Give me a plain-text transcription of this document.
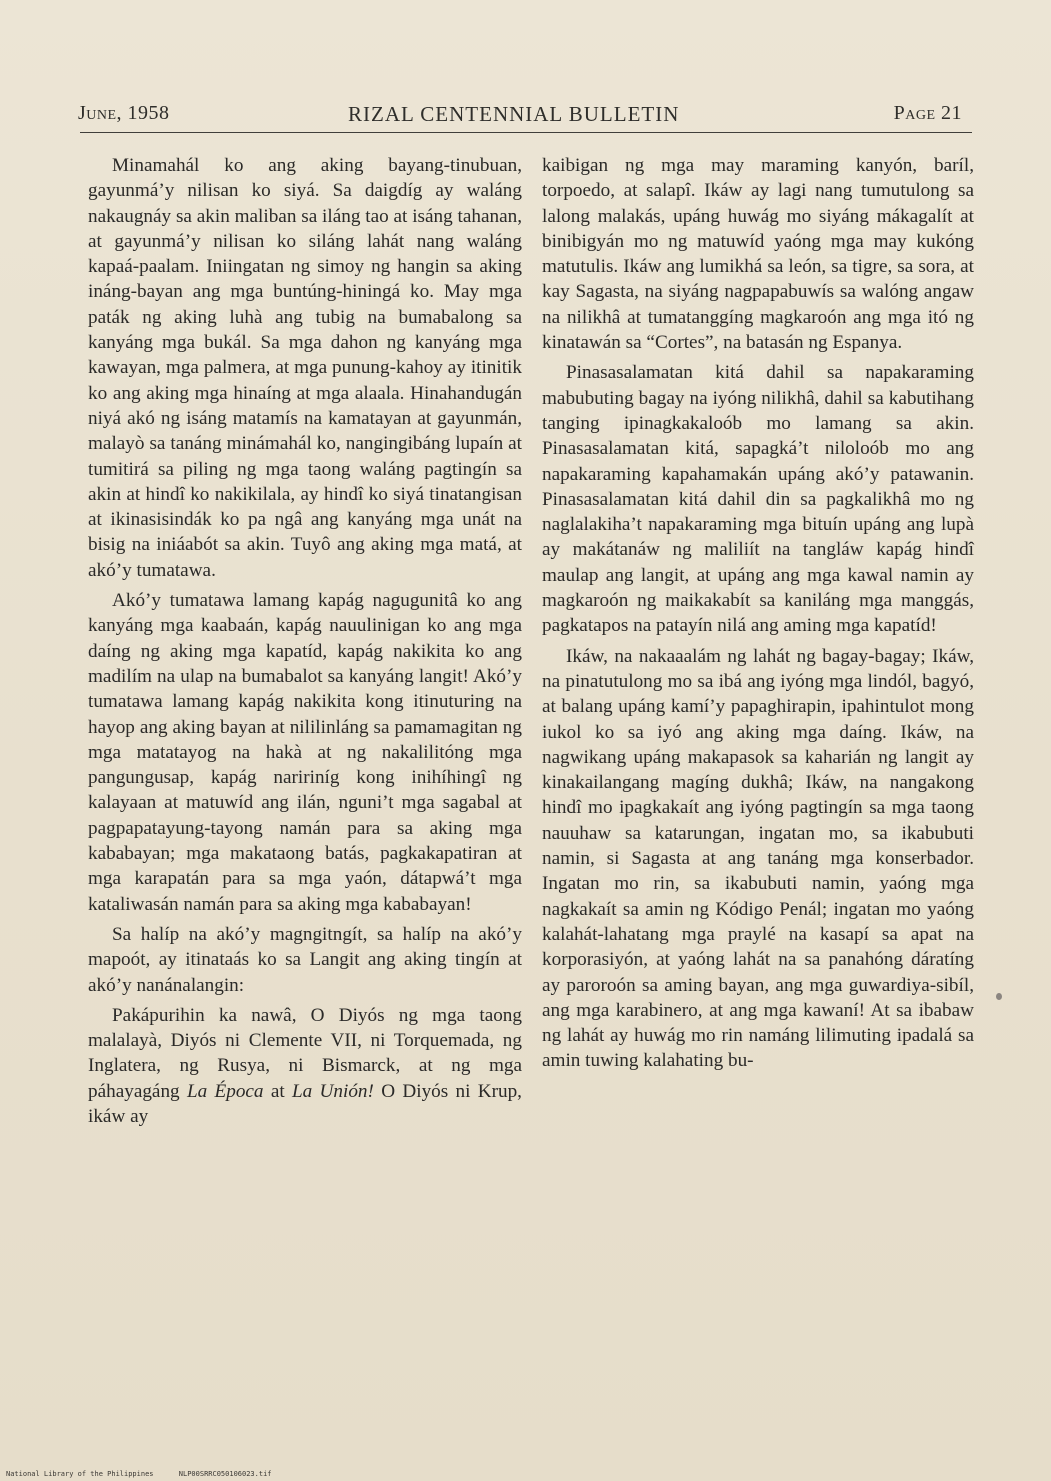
June, 1958	RIZAL CENTENNIAL BULLETIN	Page 21

Minamahál ko ang aking bayang-tinubuan, gayunmá’y nilisan ko siyá. Sa daigdíg ay waláng nakaugnáy sa akin maliban sa iláng tao at isáng tahanan, at gayunmá’y nilisan ko siláng lahát nang waláng kapaá-paalam. Iniingatan ng simoy ng hangin sa aking ináng-bayan ang mga buntúng-hiningá ko. May mga paták ng aking luhà ang tubig na bumabalong sa kanyáng mga bukál. Sa mga dahon ng kanyáng mga kawayan, mga palmera, at mga punung-kahoy ay itinitik ko ang aking mga hinaíng at mga alaala. Hinahandugán niyá akó ng isáng matamís na kamatayan at gayunmán, malayò sa tanáng minámahál ko, nangingibáng lupaín at tumitirá sa piling ng mga taong waláng pagtingín sa akin at hindî ko nakikilala, ay hindî ko siyá tinatangisan at ikinasisindák ko pa ngâ ang kanyáng mga unát na bisig na iniáabót sa akin. Tuyô ang aking mga matá, at akó’y tumatawa.

Akó’y tumatawa lamang kapág nagugunitâ ko ang kanyáng mga kaabaán, kapág nauulinigan ko ang mga daíng ng aking mga kapatíd, kapág nakikita ko ang madilím na ulap na bumabalot sa kanyáng langit! Akó’y tumatawa lamang kapág nakikita kong itinuturing na hayop ang aking bayan at nililinláng sa pamamagitan ng mga matatayog na hakà at ng nakalilitóng mga pangungusap, kapág naririníg kong inihíhingî ng kalayaan at matuwíd ang ilán, nguni’t mga sagabal at pagpapatayung-tayong namán para sa aking mga kababayan; mga makataong batás, pagkakapatiran at mga karapatán para sa mga yaón, dátapwá’t mga kataliwasán namán para sa aking mga kababayan!

Sa halíp na akó’y magngitngít, sa halíp na akó’y mapoót, ay itinataás ko sa Langit ang aking tingín at akó’y nanánalangin:

Pakápurihin ka nawâ, O Diyós ng mga taong malalayà, Diyós ni Clemente VII, ni Torquemada, ng Inglatera, ng Rusya, ni Bismarck, at ng mga páhayagáng La Época at La Unión! O Diyós ni Krup, ikáw ay

kaibigan ng mga may maraming kanyón, baríl, torpoedo, at salapî. Ikáw ay lagi nang tumutulong sa lalong malakás, upáng huwág mo siyáng mákagalít at binibigyán mo ng matuwíd yaóng mga may kukóng matutulis. Ikáw ang lumikhá sa león, sa tigre, sa sora, at kay Sagasta, na siyáng nagpapabuwís sa walóng angaw na nilikhâ at tumatanggíng magkaroón ang mga itó ng kinatawán sa “Cortes”, na batasán ng Espanya.

Pinasasalamatan kitá dahil sa napakaraming mabubuting bagay na iyóng nilikhâ, dahil sa kabutihang tanging ipinagkakaloób mo lamang sa akin. Pinasasalamatan kitá, sapagká’t niloloób mo ang napakaraming kapahamakán upáng akó’y patawanin. Pinasasalamatan kitá dahil din sa pagkalikhâ mo ng naglalakiha’t napakaraming mga bituín upáng ang lupà ay makátanáw ng maliliít na tangláw kapág hindî maulap ang langit, at upáng ang mga kawal namin ay magkaroón ng maikakabít sa kaniláng mga manggás, pagkatapos na patayín nilá ang aming mga kapatíd!

Ikáw, na nakaaalám ng lahát ng bagay-bagay; Ikáw, na pinatutulong mo sa ibá ang iyóng mga lindól, bagyó, at balang upáng kamí’y papaghirapin, ipahintulot mong iukol ko sa iyó ang aking mga daíng. Ikáw, na nagwikang upáng makapasok sa kaharián ng langit ay kinakailangang magíng dukhâ; Ikáw, na nangakong hindî mo ipagkakaít ang iyóng pagtingín sa mga taong nauuhaw sa katarungan, ingatan mo, sa ikabubuti namin, si Sagasta at ang tanáng mga konserbador. Ingatan mo rin, sa ikabubuti namin, yaóng mga nagkakaít sa amin ng Kódigo Penál; ingatan mo yaóng kalahát-lahatang mga praylé na kasapí sa apat na korporasiyón, at yaóng lahát na sa panahóng dáratíng ay paroroón sa aming bayan, ang mga guwardiya-sibíl, ang mga karabinero, at ang mga kawaní! At sa ibabaw ng lahát ay huwág mo rin namáng lilimuting ipadalá sa amin tuwing kalahating bu-

National Library of the Philippines      NLP00SRRC050106023.tif
